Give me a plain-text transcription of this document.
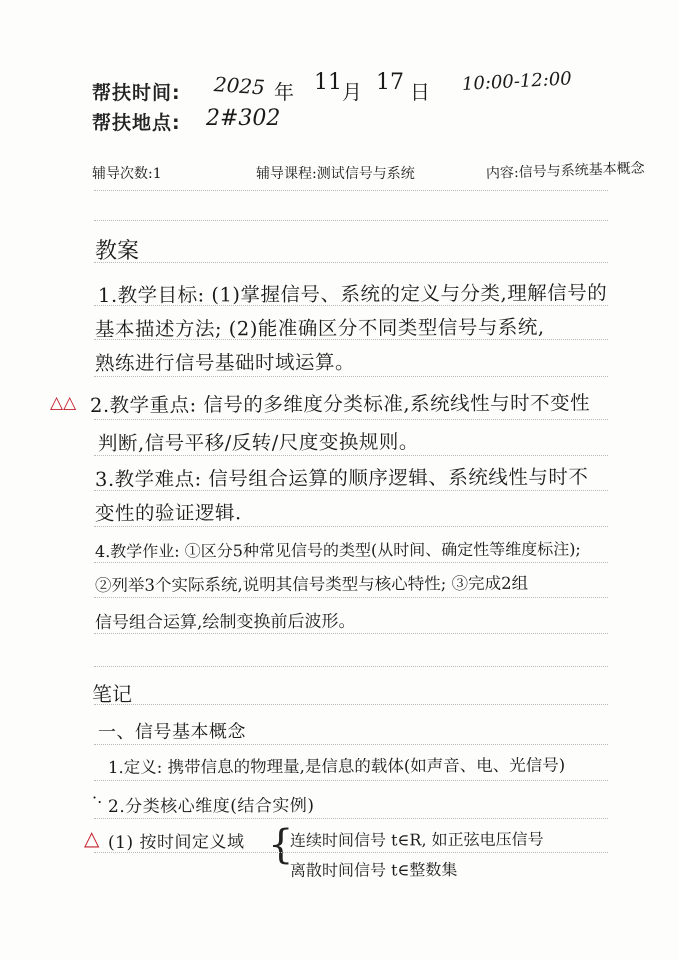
帮扶时间:
帮扶地点:
2025 年 11 月 17 日 10:00-12:00
2#302
辅导次数:1	辅导课程:测试信号与系统	内容:信号与系统基本概念
教案
1.教学目标: (1)掌握信号、系统的定义与分类,理解信号的
基本描述方法; (2)能准确区分不同类型信号与系统,
熟练进行信号基础时域运算。
△△ 2.教学重点: 信号的多维度分类标准,系统线性与时不变性
判断,信号平移/反转/尺度变换规则。
3.教学难点: 信号组合运算的顺序逻辑、系统线性与时不
变性的验证逻辑.
4.教学作业: ①区分5种常见信号的类型(从时间、确定性等维度标注);
②列举3个实际系统,说明其信号类型与核心特性; ③完成2组
信号组合运算,绘制变换前后波形。
笔记
一、信号基本概念
1.定义: 携带信息的物理量,是信息的载体(如声音、电、光信号)
·. 2.分类核心维度(结合实例)
△ (1) 按时间定义域 {
连续时间信号 t∈R, 如正弦电压信号
离散时间信号 t∈整数集
